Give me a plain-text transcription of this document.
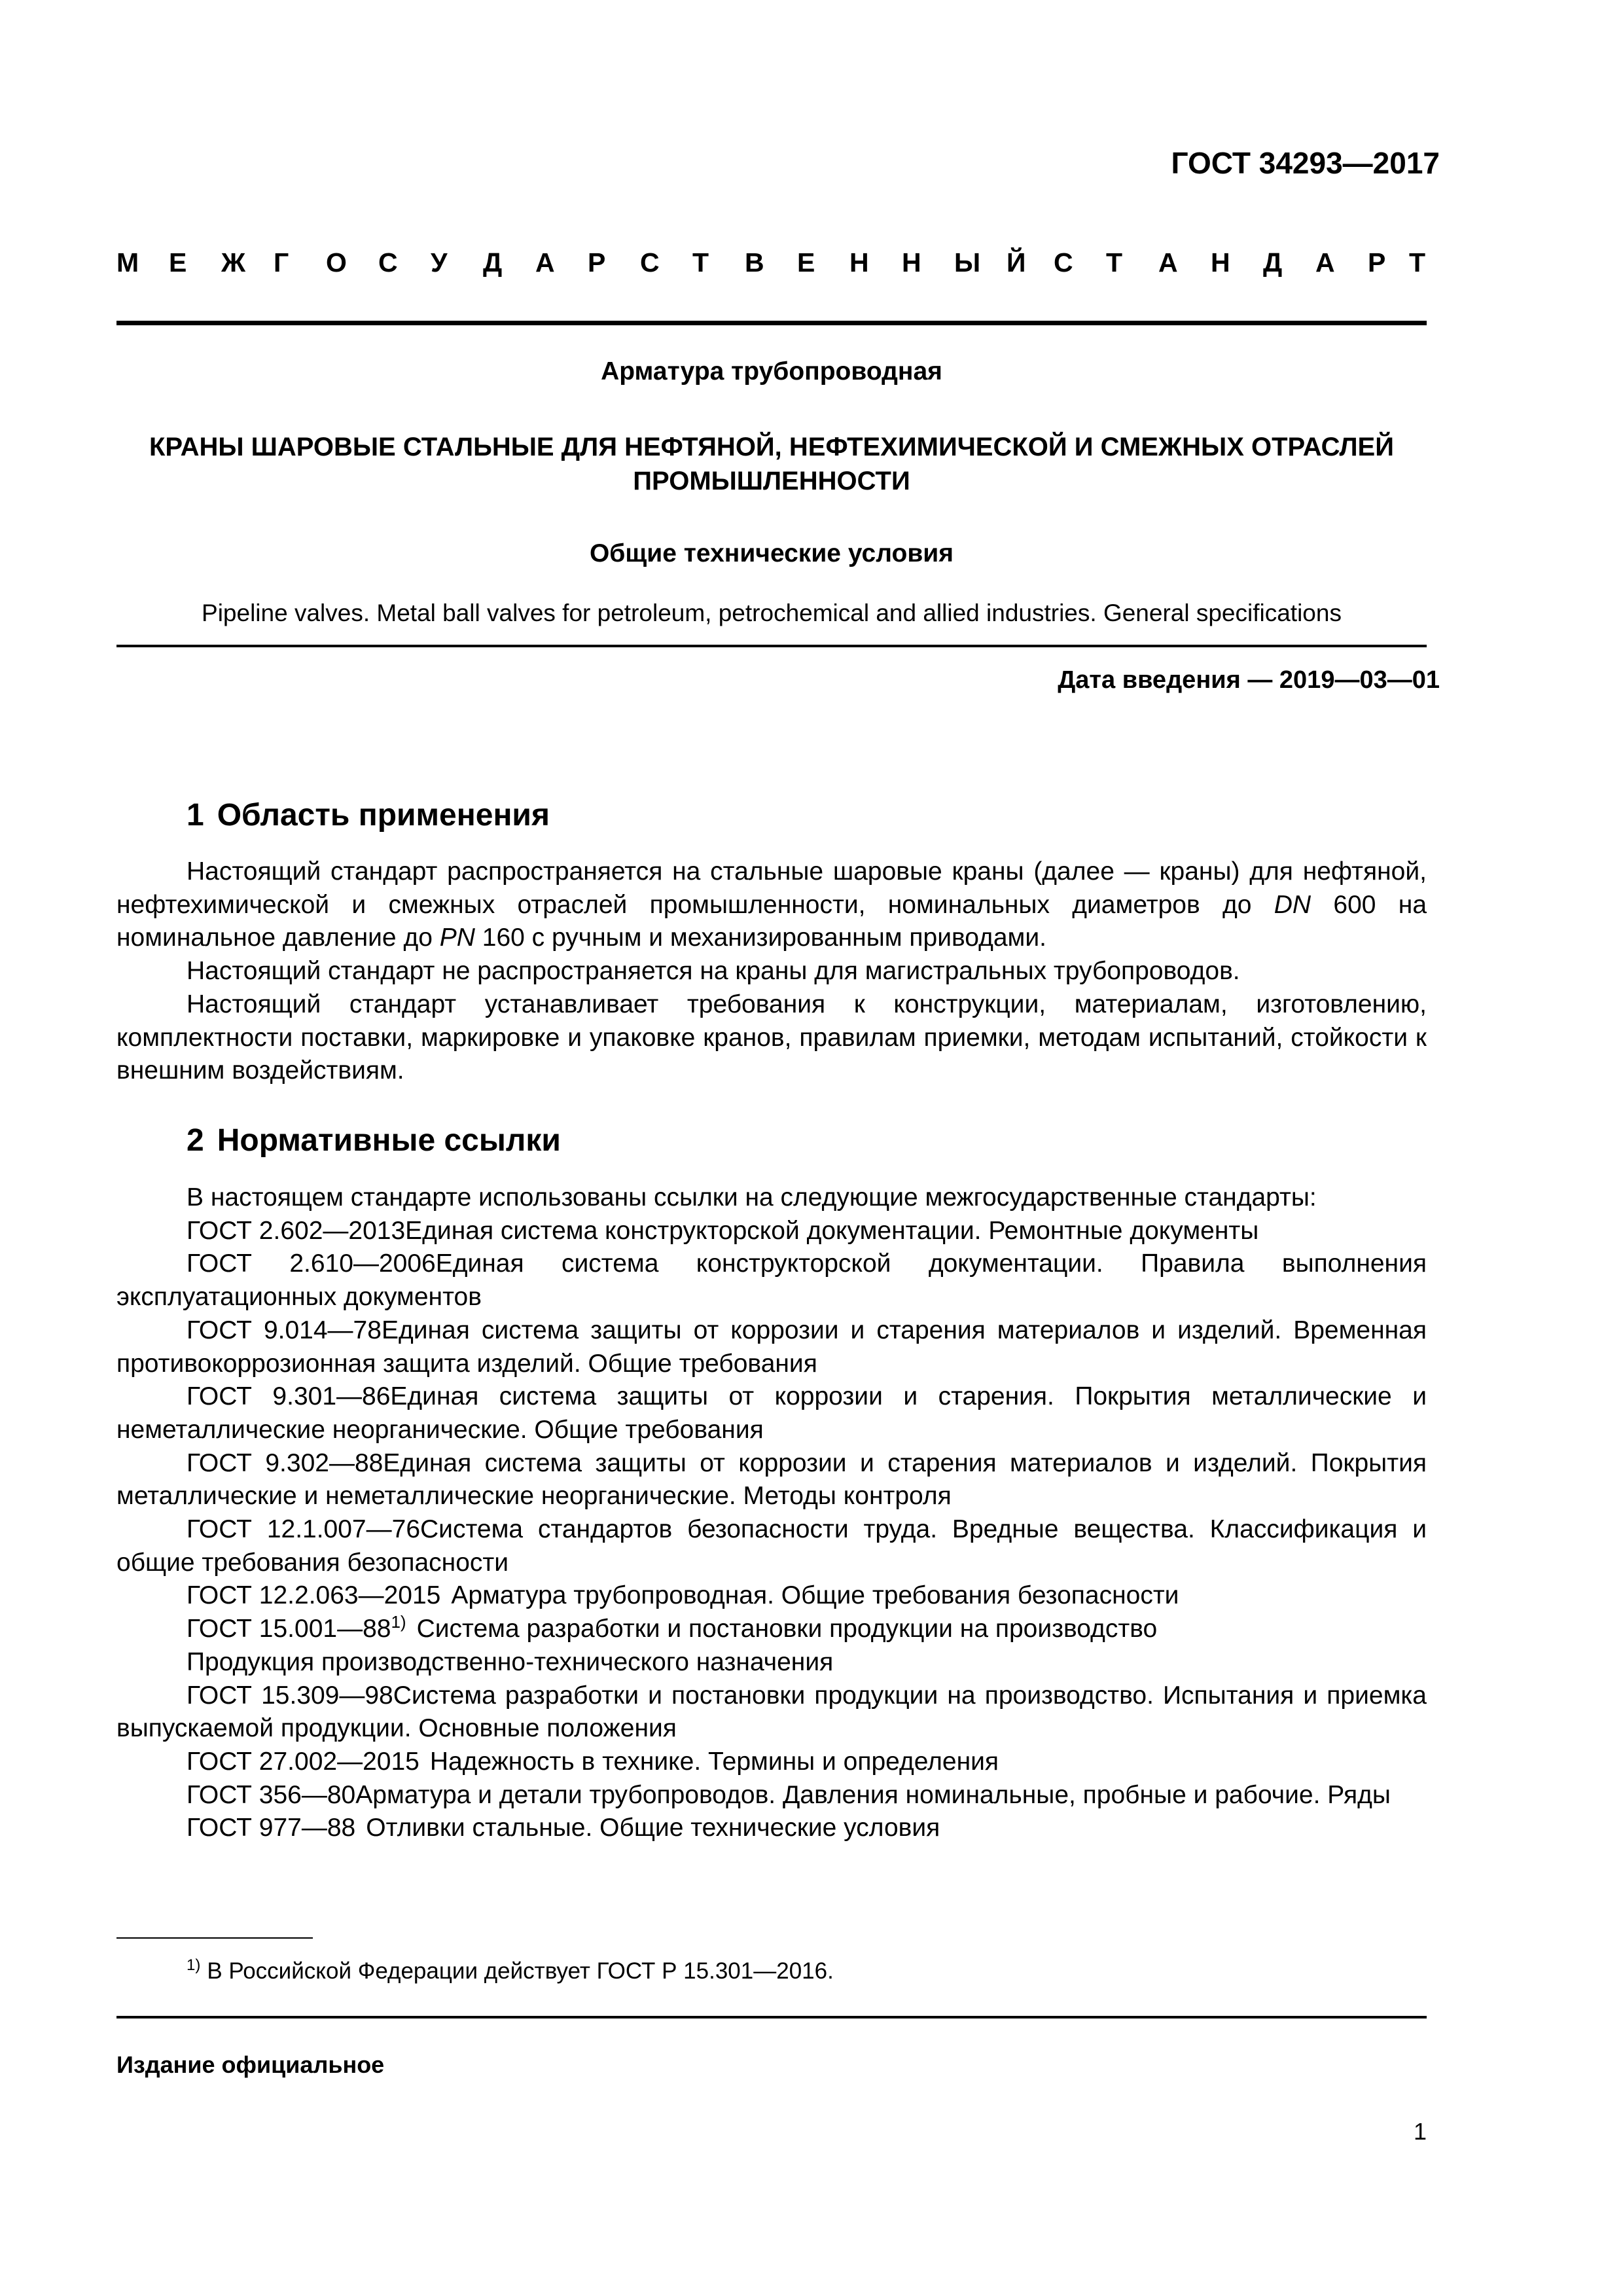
ГОСТ 34293—2017
М Е Ж Г О С У Д А Р С Т В Е Н Н Ы Й С Т А Н Д А Р Т
Арматура трубопроводная
КРАНЫ ШАРОВЫЕ СТАЛЬНЫЕ ДЛЯ НЕФТЯНОЙ, НЕФТЕХИМИЧЕСКОЙ И СМЕЖНЫХ ОТРАСЛЕЙ
ПРОМЫШЛЕННОСТИ
Общие технические условия
Pipeline valves. Metal ball valves for petroleum, petrochemical and allied industries. General specifications
Дата введения — 2019—03—01
1 Область применения

Настоящий стандарт распространяется на стальные шаровые краны (далее — краны) для нефтяной, нефтехимической и смежных отраслей промышленности, номинальных диаметров до DN 600 на номинальное давление до PN 160 с ручным и механизированным приводами.

Настоящий стандарт не распространяется на краны для магистральных трубопроводов.

Настоящий стандарт устанавливает требования к конструкции, материалам, изготовлению, комплектности поставки, маркировке и упаковке кранов, правилам приемки, методам испытаний, стойкости к внешним воздействиям.

2 Нормативные ссылки

В настоящем стандарте использованы ссылки на следующие межгосударственные стандарты:

ГОСТ 2.602—2013Единая система конструкторской документации. Ремонтные документы

ГОСТ 2.610—2006Единая система конструкторской документации. Правила выполнения эксплуатационных документов

ГОСТ 9.014—78Единая система защиты от коррозии и старения материалов и изделий. Временная противокоррозионная защита изделий. Общие требования

ГОСТ 9.301—86Единая система защиты от коррозии и старения. Покрытия металлические и неметаллические неорганические. Общие требования

ГОСТ 9.302—88Единая система защиты от коррозии и старения материалов и изделий. Покрытия металлические и неметаллические неорганические. Методы контроля

ГОСТ 12.1.007—76Система стандартов безопасности труда. Вредные вещества. Классификация и общие требования безопасности

ГОСТ 12.2.063—2015 Арматура трубопроводная. Общие требования безопасности

ГОСТ 15.001—88$^{1)}$ Система разработки и постановки продукции на производство

Продукция производственно-технического назначения

ГОСТ 15.309—98Система разработки и постановки продукции на производство. Испытания и приемка выпускаемой продукции. Основные положения

ГОСТ 27.002—2015 Надежность в технике. Термины и определения

ГОСТ 356—80Арматура и детали трубопроводов. Давления номинальные, пробные и рабочие. Ряды

ГОСТ 977—88 Отливки стальные. Общие технические условия

$^{1)}$ В Российской Федерации действует ГОСТ Р 15.301—2016.
Издание официальное
1
